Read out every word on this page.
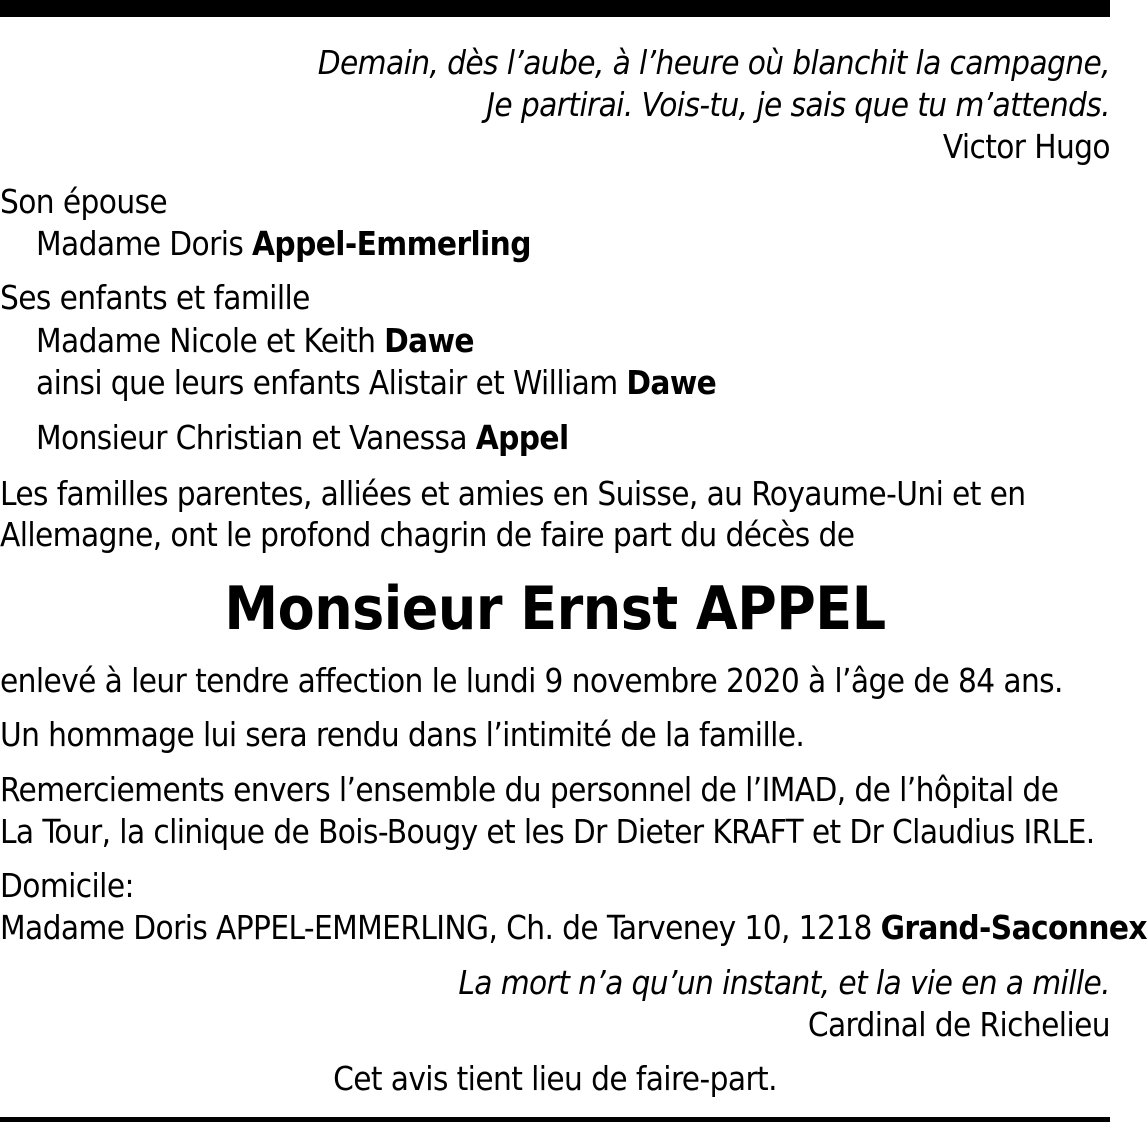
Demain, dès l’aube, à l’heure où blanchit la campagne,
Je partirai. Vois-tu, je sais que tu m’attends.
Victor Hugo
Son épouse
Madame Doris Appel-Emmerling
Ses enfants et famille
Madame Nicole et Keith Dawe
ainsi que leurs enfants Alistair et William Dawe
Monsieur Christian et Vanessa Appel
Les familles parentes, alliées et amies en Suisse, au Royaume-Uni et en
Allemagne, ont le profond chagrin de faire part du décès de
Monsieur Ernst APPEL
enlevé à leur tendre affection le lundi 9 novembre 2020 à l’âge de 84 ans.
Un hommage lui sera rendu dans l’intimité de la famille.
Remerciements envers l’ensemble du personnel de l’IMAD, de l’hôpital de
La Tour, la clinique de Bois-Bougy et les Dr Dieter KRAFT et Dr Claudius IRLE.
Domicile:
Madame Doris APPEL-EMMERLING, Ch. de Tarveney 10, 1218 Grand-Saconnex
La mort n’a qu’un instant, et la vie en a mille.
Cardinal de Richelieu
Cet avis tient lieu de faire-part.
